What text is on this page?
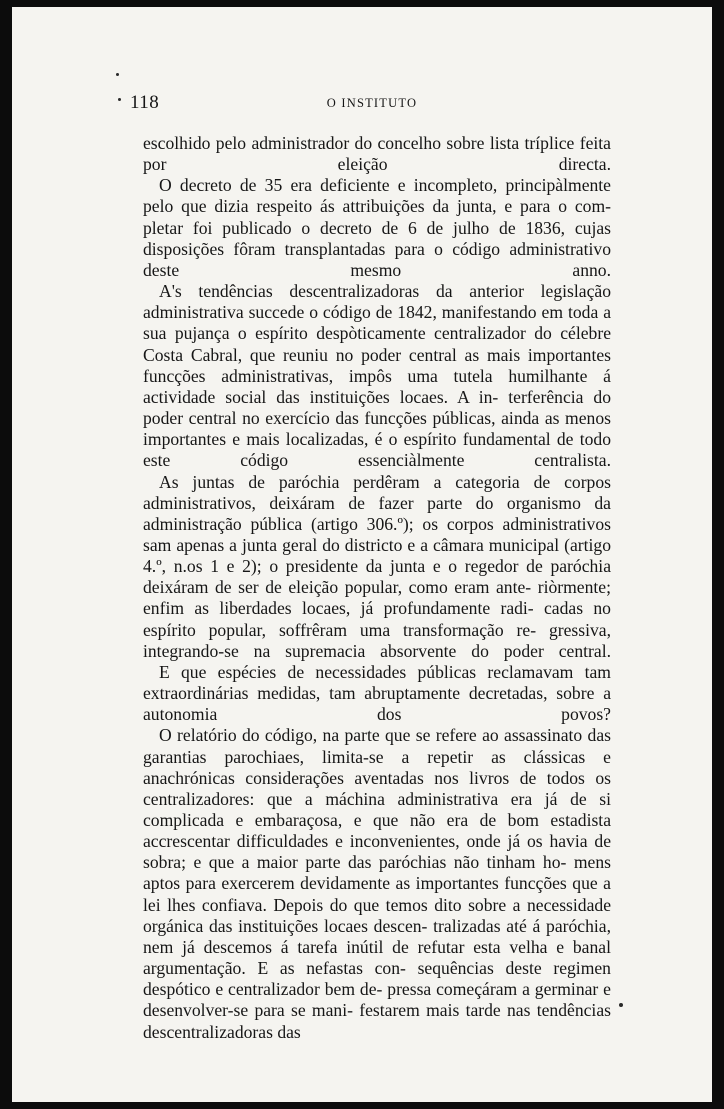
118	O INSTITUTO

escolhido pelo administrador do concelho sobre lista tríplice feita por eleição directa.

O decreto de 35 era deficiente e incompleto, principàlmente pelo que dizia respeito ás attribuições da junta, e para o com- pletar foi publicado o decreto de 6 de julho de 1836, cujas disposições fôram transplantadas para o código administrativo deste mesmo anno.

A's tendências descentralizadoras da anterior legislação administrativa succede o código de 1842, manifestando em toda a sua pujança o espírito despòticamente centralizador do célebre Costa Cabral, que reuniu no poder central as mais importantes funcções administrativas, impôs uma tutela humilhante á actividade social das instituições locaes. A in- terferência do poder central no exercício das funcções públicas, ainda as menos importantes e mais localizadas, é o espírito fundamental de todo este código essenciàlmente centralista.

As juntas de paróchia perdêram a categoria de corpos administrativos, deixáram de fazer parte do organismo da administração pública (artigo 306.º); os corpos administrativos sam apenas a junta geral do districto e a câmara municipal (artigo 4.º, n.os 1 e 2); o presidente da junta e o regedor de paróchia deixáram de ser de eleição popular, como eram ante- riòrmente; enfim as liberdades locaes, já profundamente radi- cadas no espírito popular, soffrêram uma transformação re- gressiva, integrando-se na supremacia absorvente do poder central.

E que espécies de necessidades públicas reclamavam tam extraordinárias medidas, tam abruptamente decretadas, sobre a autonomia dos povos?

O relatório do código, na parte que se refere ao assassinato das garantias parochiaes, limita-se a repetir as clássicas e anachrónicas considerações aventadas nos livros de todos os centralizadores: que a máchina administrativa era já de si complicada e embaraçosa, e que não era de bom estadista accrescentar difficuldades e inconvenientes, onde já os havia de sobra; e que a maior parte das paróchias não tinham ho- mens aptos para exercerem devidamente as importantes funcções que a lei lhes confiava. Depois do que temos dito sobre a necessidade orgánica das instituições locaes descen- tralizadas até á paróchia, nem já descemos á tarefa inútil de refutar esta velha e banal argumentação. E as nefastas con- sequências deste regimen despótico e centralizador bem de- pressa começáram a germinar e desenvolver-se para se mani- festarem mais tarde nas tendências descentralizadoras das
